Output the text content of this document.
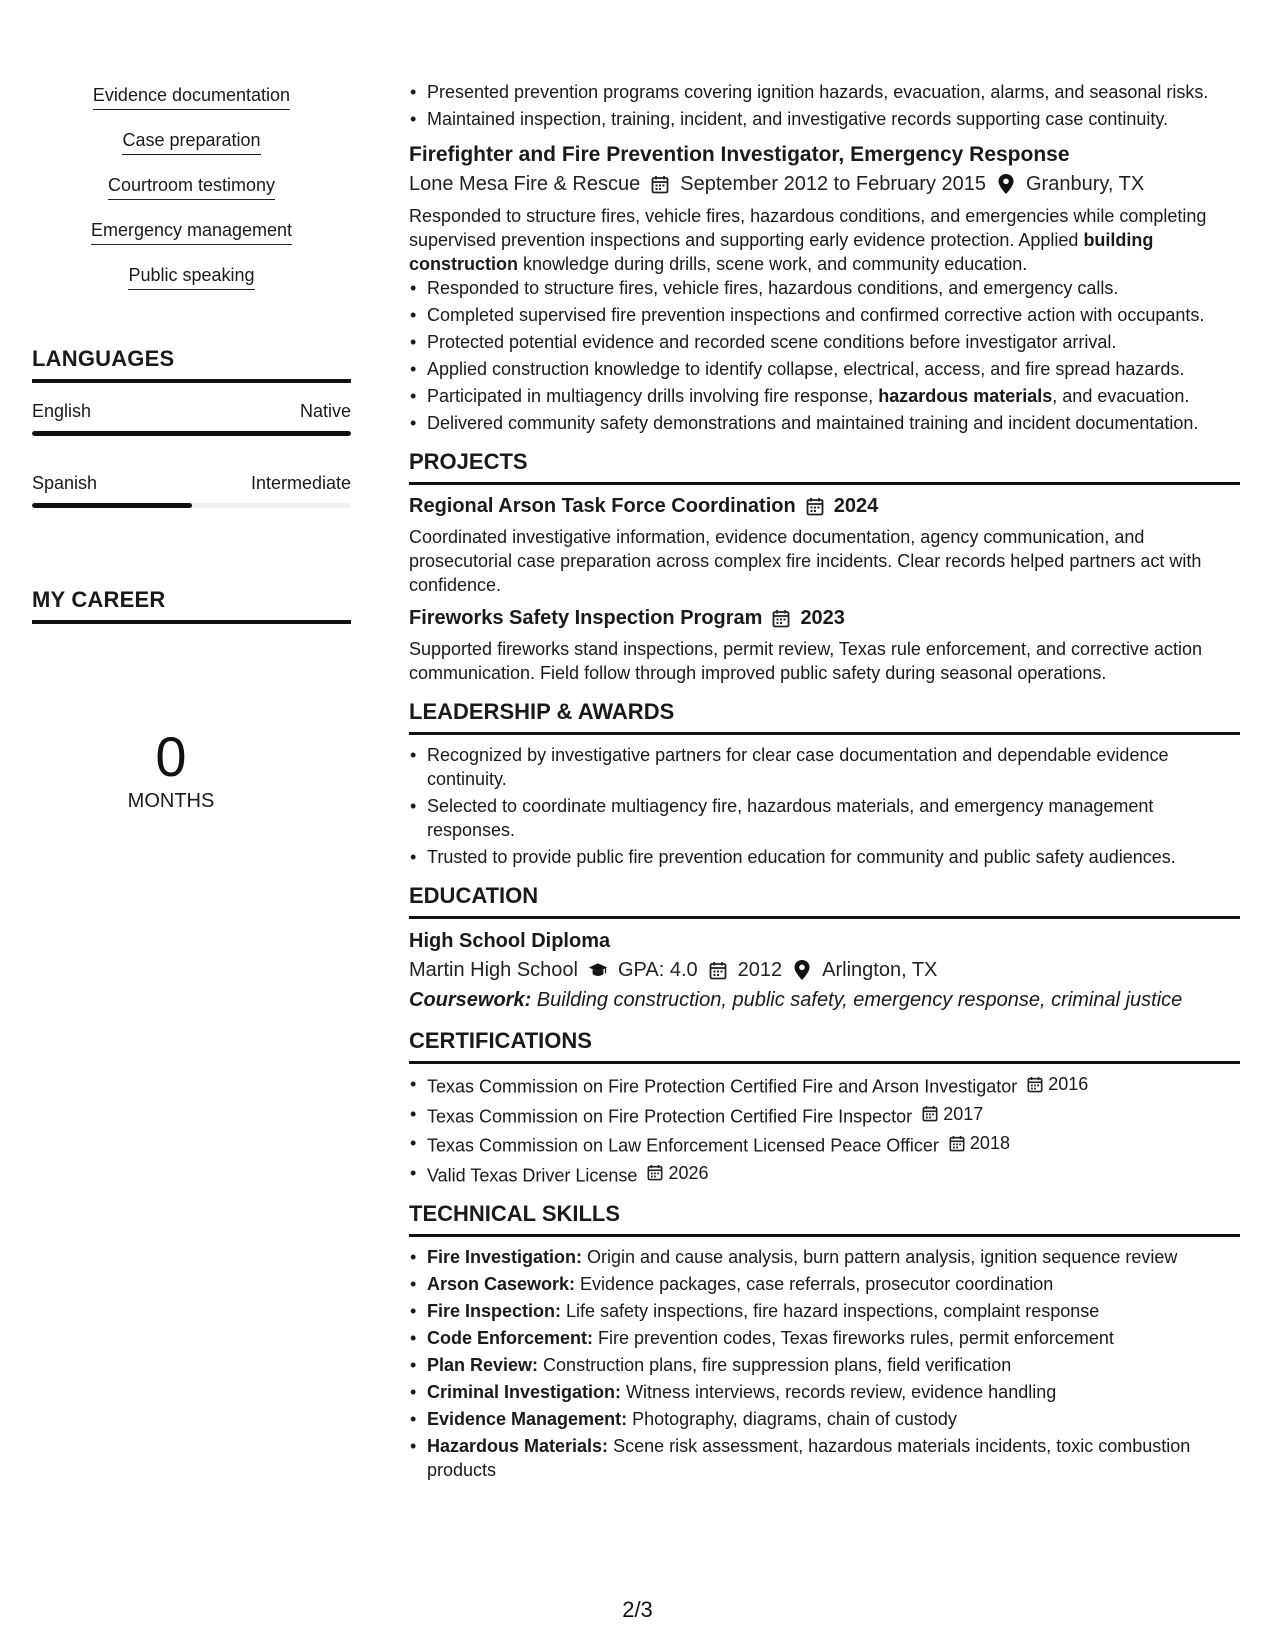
Evidence documentation
Case preparation
Courtroom testimony
Emergency management
Public speaking
LANGUAGES
English	Native
Spanish	Intermediate
MY CAREER
0
MONTHS
• Presented prevention programs covering ignition hazards, evacuation, alarms, and seasonal risks.
• Maintained inspection, training, incident, and investigative records supporting case continuity.
Firefighter and Fire Prevention Investigator, Emergency Response
Lone Mesa Fire & Rescue September 2012 to February 2015 Granbury, TX

Responded to structure fires, vehicle fires, hazardous conditions, and emergencies while completing supervised prevention inspections and supporting early evidence protection. Applied building construction knowledge during drills, scene work, and community education.

• Responded to structure fires, vehicle fires, hazardous conditions, and emergency calls.
• Completed supervised fire prevention inspections and confirmed corrective action with occupants.
• Protected potential evidence and recorded scene conditions before investigator arrival.
• Applied construction knowledge to identify collapse, electrical, access, and fire spread hazards.
• Participated in multiagency drills involving fire response, hazardous materials, and evacuation.
• Delivered community safety demonstrations and maintained training and incident documentation.
PROJECTS
Regional Arson Task Force Coordination 2024

Coordinated investigative information, evidence documentation, agency communication, and prosecutorial case preparation across complex fire incidents. Clear records helped partners act with confidence.

Fireworks Safety Inspection Program 2023

Supported fireworks stand inspections, permit review, Texas rule enforcement, and corrective action communication. Field follow through improved public safety during seasonal operations.

LEADERSHIP & AWARDS
• Recognized by investigative partners for clear case documentation and dependable evidence continuity.
• Selected to coordinate multiagency fire, hazardous materials, and emergency management responses.
• Trusted to provide public fire prevention education for community and public safety audiences.
EDUCATION
High School Diploma
Martin High School GPA: 4.0 2012 Arlington, TX
Coursework: Building construction, public safety, emergency response, criminal justice
CERTIFICATIONS
• Texas Commission on Fire Protection Certified Fire and Arson Investigator 2016
• Texas Commission on Fire Protection Certified Fire Inspector 2017
• Texas Commission on Law Enforcement Licensed Peace Officer 2018
• Valid Texas Driver License 2026
TECHNICAL SKILLS
• Fire Investigation: Origin and cause analysis, burn pattern analysis, ignition sequence review
• Arson Casework: Evidence packages, case referrals, prosecutor coordination
• Fire Inspection: Life safety inspections, fire hazard inspections, complaint response
• Code Enforcement: Fire prevention codes, Texas fireworks rules, permit enforcement
• Plan Review: Construction plans, fire suppression plans, field verification
• Criminal Investigation: Witness interviews, records review, evidence handling
• Evidence Management: Photography, diagrams, chain of custody
• Hazardous Materials: Scene risk assessment, hazardous materials incidents, toxic combustion products
2/3
